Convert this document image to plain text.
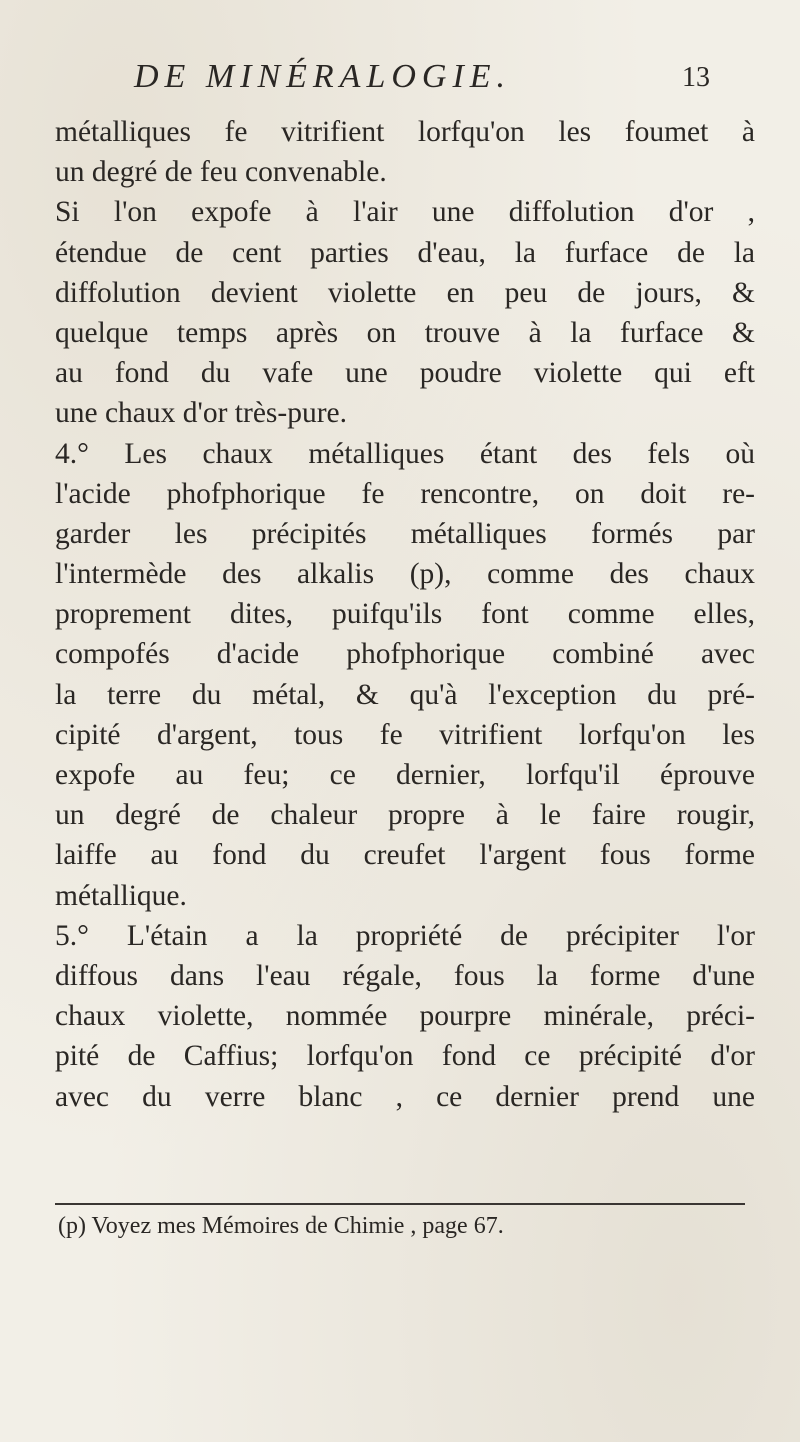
DE MINÉRALOGIE.	13
métalliques fe vitrifient lorfqu'on les foumet à
un degré de feu convenable.
Si l'on expofe à l'air une diffolution d'or ,
étendue de cent parties d'eau, la furface de la
diffolution devient violette en peu de jours, &
quelque temps après on trouve à la furface &
au fond du vafe une poudre violette qui eft
une chaux d'or très-pure.
4.° Les chaux métalliques étant des fels où
l'acide phofphorique fe rencontre, on doit re-
garder les précipités métalliques formés par
l'intermède des alkalis (p), comme des chaux
proprement dites, puifqu'ils font comme elles,
compofés d'acide phofphorique combiné avec
la terre du métal, & qu'à l'exception du pré-
cipité d'argent, tous fe vitrifient lorfqu'on les
expofe au feu; ce dernier, lorfqu'il éprouve
un degré de chaleur propre à le faire rougir,
laiffe au fond du creufet l'argent fous forme
métallique.
5.° L'étain a la propriété de précipiter l'or
diffous dans l'eau régale, fous la forme d'une
chaux violette, nommée pourpre minérale, préci-
pité de Caffius; lorfqu'on fond ce précipité d'or
avec du verre blanc , ce dernier prend une
(p) Voyez mes Mémoires de Chimie , page 67.
